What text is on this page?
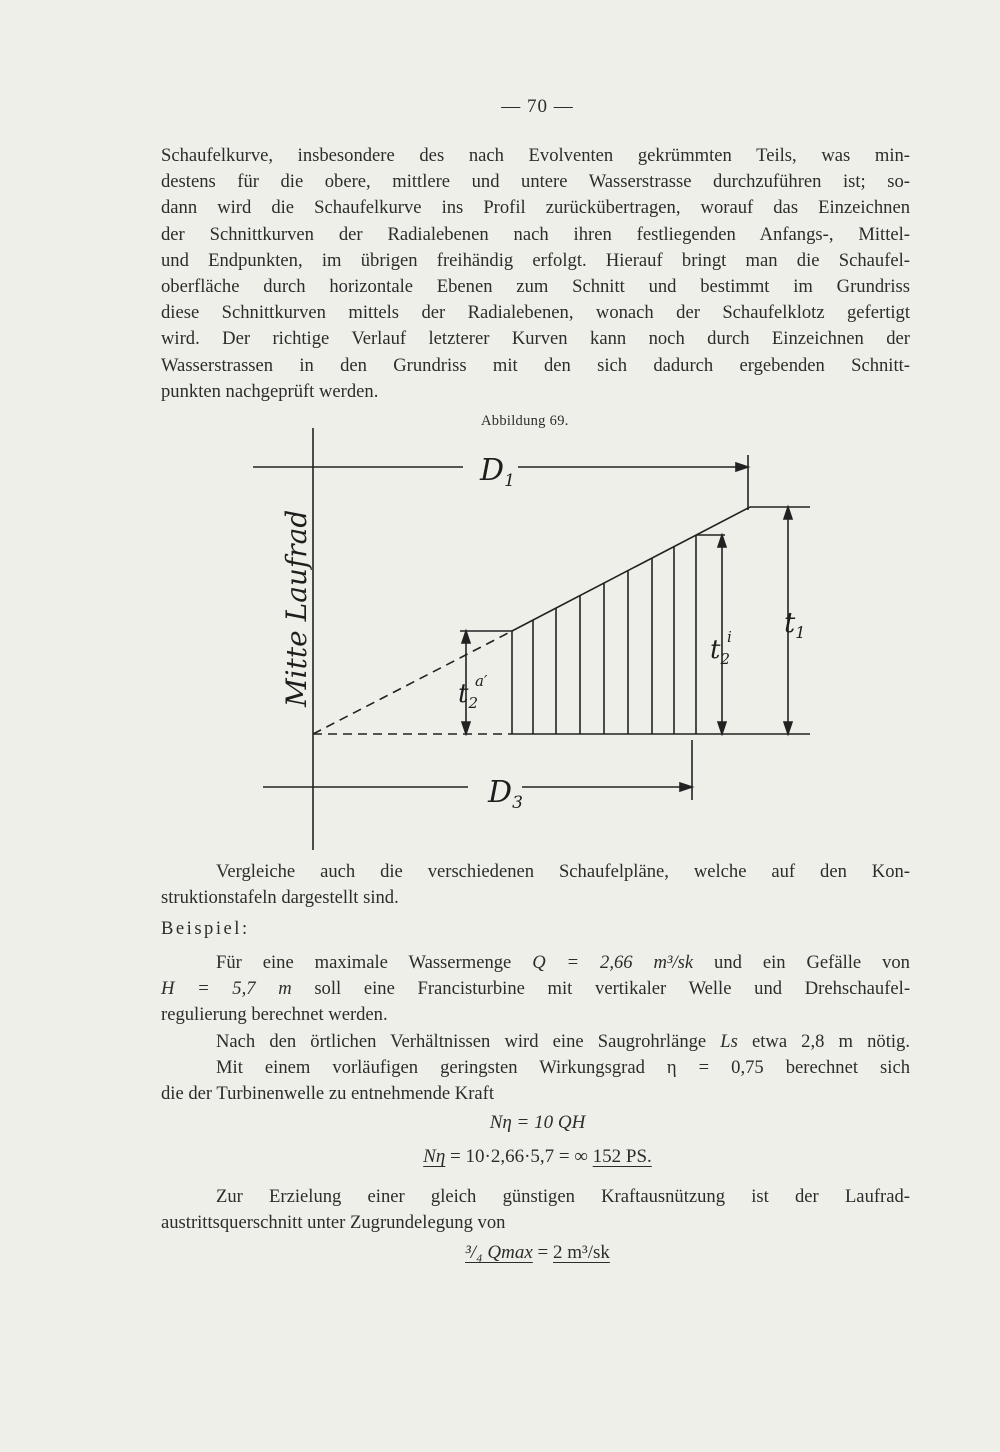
— 70 —
Schaufelkurve, insbesondere des nach Evolventen gekrümmten Teils, was min-
destens für die obere, mittlere und untere Wasserstrasse durchzuführen ist; so-
dann wird die Schaufelkurve ins Profil zurückübertragen, worauf das Einzeichnen
der Schnittkurven der Radialebenen nach ihren festliegenden Anfangs-, Mittel-
und Endpunkten, im übrigen freihändig erfolgt. Hierauf bringt man die Schaufel-
oberfläche durch horizontale Ebenen zum Schnitt und bestimmt im Grundriss
diese Schnittkurven mittels der Radialebenen, wonach der Schaufelklotz gefertigt
wird. Der richtige Verlauf letzterer Kurven kann noch durch Einzeichnen der
Wasserstrassen in den Grundriss mit den sich dadurch ergebenden Schnitt-
punkten nachgeprüft werden.
Abbildung 69.
Mitte Laufrad
$D_1$
$D_3$
$t_1$
$t_2i$
$t_2a'$
Vergleiche auch die verschiedenen Schaufelpläne, welche auf den Kon-
struktionstafeln dargestellt sind.
Beispiel:
Für eine maximale Wassermenge Q = 2,66 m³/sk und ein Gefälle von
H = 5,7 m soll eine Francisturbine mit vertikaler Welle und Drehschaufel-
regulierung berechnet werden.
Nach den örtlichen Verhältnissen wird eine Saugrohrlänge Ls etwa 2,8 m nötig.
Mit einem vorläufigen geringsten Wirkungsgrad η = 0,75 berechnet sich
die der Turbinenwelle zu entnehmende Kraft
Nη = 10 QH
Nη = 10·2,66·5,7 = ∞ 152 PS.
Zur Erzielung einer gleich günstigen Kraftausnützung ist der Laufrad-
austrittsquerschnitt unter Zugrundelegung von
³/₄ Qmax = 2 m³/sk
